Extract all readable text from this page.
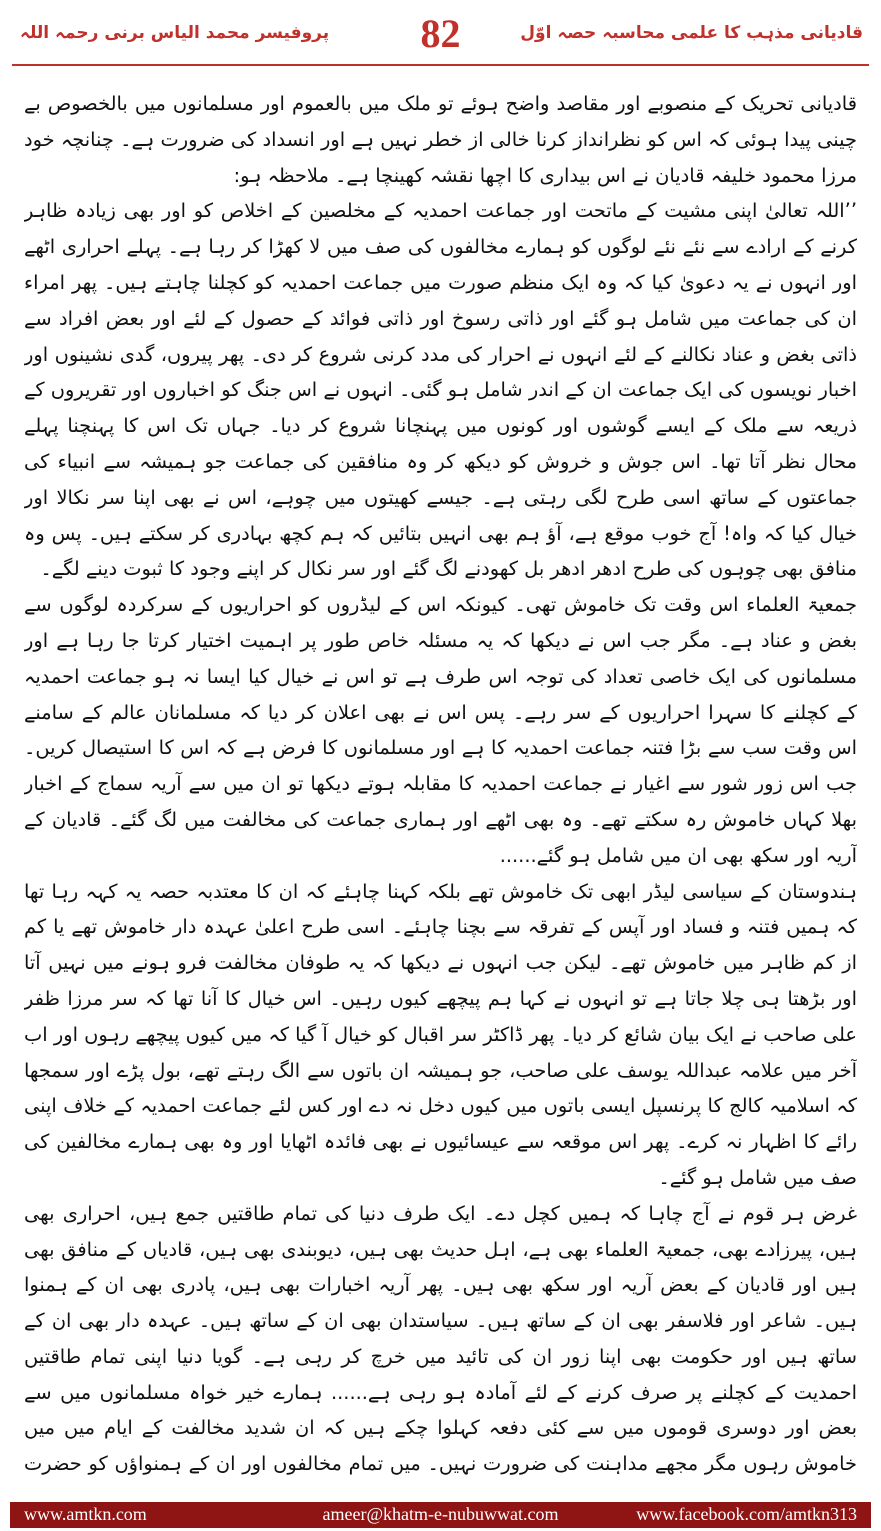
قادیانی مذہب کا علمی محاسبہ حصہ اوّل
82
پروفیسر محمد الیاس برنی رحمہ اللہ

قادیانی تحریک کے منصوبے اور مقاصد واضح ہوئے تو ملک میں بالعموم اور مسلمانوں میں بالخصوص بے چینی پیدا ہوئی کہ اس کو نظرانداز کرنا خالی از خطر نہیں ہے اور انسداد کی ضرورت ہے۔ چنانچہ خود مرزا محمود خلیفہ قادیان نے اس بیداری کا اچھا نقشہ کھینچا ہے۔ ملاحظہ ہو:

’’اللہ تعالیٰ اپنی مشیت کے ماتحت اور جماعت احمدیہ کے مخلصین کے اخلاص کو اور بھی زیادہ ظاہر کرنے کے ارادے سے نئے نئے لوگوں کو ہمارے مخالفوں کی صف میں لا کھڑا کر رہا ہے۔ پہلے احراری اٹھے اور انہوں نے یہ دعویٰ کیا کہ وہ ایک منظم صورت میں جماعت احمدیہ کو کچلنا چاہتے ہیں۔ پھر امراء ان کی جماعت میں شامل ہو گئے اور ذاتی رسوخ اور ذاتی فوائد کے حصول کے لئے اور بعض افراد سے ذاتی بغض و عناد نکالنے کے لئے انہوں نے احرار کی مدد کرنی شروع کر دی۔ پھر پیروں، گدی نشینوں اور اخبار نویسوں کی ایک جماعت ان کے اندر شامل ہو گئی۔ انہوں نے اس جنگ کو اخباروں اور تقریروں کے ذریعہ سے ملک کے ایسے گوشوں اور کونوں میں پہنچانا شروع کر دیا۔ جہاں تک اس کا پہنچنا پہلے محال نظر آتا تھا۔ اس جوش و خروش کو دیکھ کر وہ منافقین کی جماعت جو ہمیشہ سے انبیاء کی جماعتوں کے ساتھ اسی طرح لگی رہتی ہے۔ جیسے کھیتوں میں چوہے، اس نے بھی اپنا سر نکالا اور خیال کیا کہ واہ! آج خوب موقع ہے، آؤ ہم بھی انہیں بتائیں کہ ہم کچھ بہادری کر سکتے ہیں۔ پس وہ منافق بھی چوہوں کی طرح ادھر ادھر بل کھودنے لگ گئے اور سر نکال کر اپنے وجود کا ثبوت دینے لگے۔

جمعیۃ العلماء اس وقت تک خاموش تھی۔ کیونکہ اس کے لیڈروں کو احراریوں کے سرکردہ لوگوں سے بغض و عناد ہے۔ مگر جب اس نے دیکھا کہ یہ مسئلہ خاص طور پر اہمیت اختیار کرتا جا رہا ہے اور مسلمانوں کی ایک خاصی تعداد کی توجہ اس طرف ہے تو اس نے خیال کیا ایسا نہ ہو جماعت احمدیہ کے کچلنے کا سہرا احراریوں کے سر رہے۔ پس اس نے بھی اعلان کر دیا کہ مسلمانان عالم کے سامنے اس وقت سب سے بڑا فتنہ جماعت احمدیہ کا ہے اور مسلمانوں کا فرض ہے کہ اس کا استیصال کریں۔ جب اس زور شور سے اغیار نے جماعت احمدیہ کا مقابلہ ہوتے دیکھا تو ان میں سے آریہ سماج کے اخبار بھلا کہاں خاموش رہ سکتے تھے۔ وہ بھی اٹھے اور ہماری جماعت کی مخالفت میں لگ گئے۔ قادیان کے آریہ اور سکھ بھی ان میں شامل ہو گئے......

ہندوستان کے سیاسی لیڈر ابھی تک خاموش تھے بلکہ کہنا چاہئے کہ ان کا معتدبہ حصہ یہ کہہ رہا تھا کہ ہمیں فتنہ و فساد اور آپس کے تفرقہ سے بچنا چاہئے۔ اسی طرح اعلیٰ عہدہ دار خاموش تھے یا کم از کم ظاہر میں خاموش تھے۔ لیکن جب انہوں نے دیکھا کہ یہ طوفان مخالفت فرو ہونے میں نہیں آتا اور بڑھتا ہی چلا جاتا ہے تو انہوں نے کہا ہم پیچھے کیوں رہیں۔ اس خیال کا آنا تھا کہ سر مرزا ظفر علی صاحب نے ایک بیان شائع کر دیا۔ پھر ڈاکٹر سر اقبال کو خیال آ گیا کہ میں کیوں پیچھے رہوں اور اب آخر میں علامہ عبداللہ یوسف علی صاحب، جو ہمیشہ ان باتوں سے الگ رہتے تھے، بول پڑے اور سمجھا کہ اسلامیہ کالج کا پرنسپل ایسی باتوں میں کیوں دخل نہ دے اور کس لئے جماعت احمدیہ کے خلاف اپنی رائے کا اظہار نہ کرے۔ پھر اس موقعہ سے عیسائیوں نے بھی فائدہ اٹھایا اور وہ بھی ہمارے مخالفین کی صف میں شامل ہو گئے۔

غرض ہر قوم نے آج چاہا کہ ہمیں کچل دے۔ ایک طرف دنیا کی تمام طاقتیں جمع ہیں، احراری بھی ہیں، پیرزادے بھی، جمعیۃ العلماء بھی ہے، اہل حدیث بھی ہیں، دیوبندی بھی ہیں، قادیاں کے منافق بھی ہیں اور قادیان کے بعض آریہ اور سکھ بھی ہیں۔ پھر آریہ اخبارات بھی ہیں، پادری بھی ان کے ہمنوا ہیں۔ شاعر اور فلاسفر بھی ان کے ساتھ ہیں۔ سیاستدان بھی ان کے ساتھ ہیں۔ عہدہ دار بھی ان کے ساتھ ہیں اور حکومت بھی اپنا زور ان کی تائید میں خرچ کر رہی ہے۔ گویا دنیا اپنی تمام طاقتیں احمدیت کے کچلنے پر صرف کرنے کے لئے آمادہ ہو رہی ہے...... ہمارے خیر خواہ مسلمانوں میں سے بعض اور دوسری قوموں میں سے کئی دفعہ کہلوا چکے ہیں کہ ان شدید مخالفت کے ایام میں میں خاموش رہوں مگر مجھے مداہنت کی ضرورت نہیں۔ میں تمام مخالفوں اور ان کے ہمنواؤں کو حضرت

www.amtkn.com	ameer@khatm-e-nubuwwat.com	www.facebook.com/amtkn313
